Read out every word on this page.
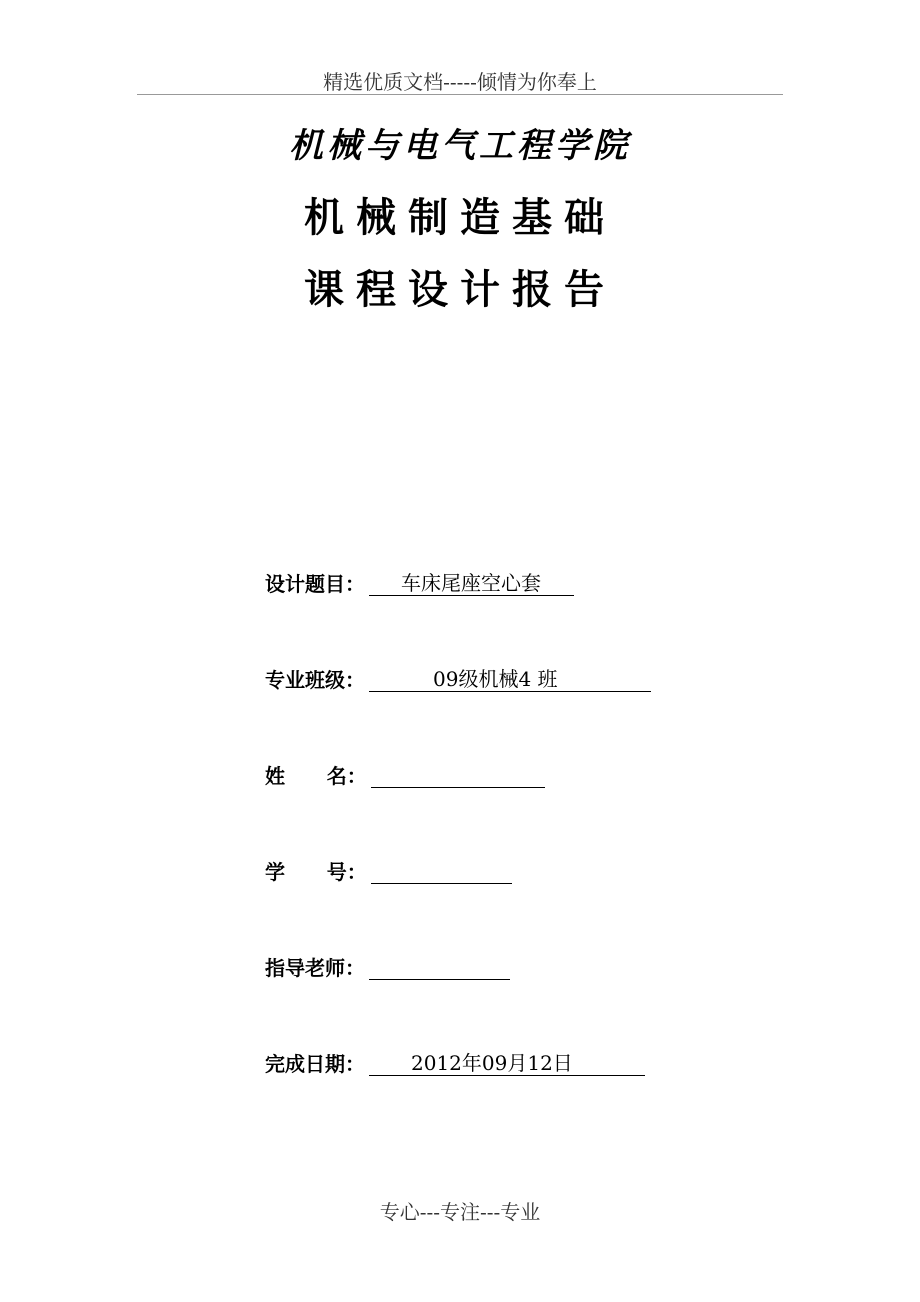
精选优质文档-----倾情为你奉上
机械与电气工程学院
机械制造基础
课程设计报告
设计题目：	车床尾座空心套
专业班级：	09级机械4 班
姓      名：
学      号：
指导老师：
完成日期：	2012年09月12日
专心---专注---专业
